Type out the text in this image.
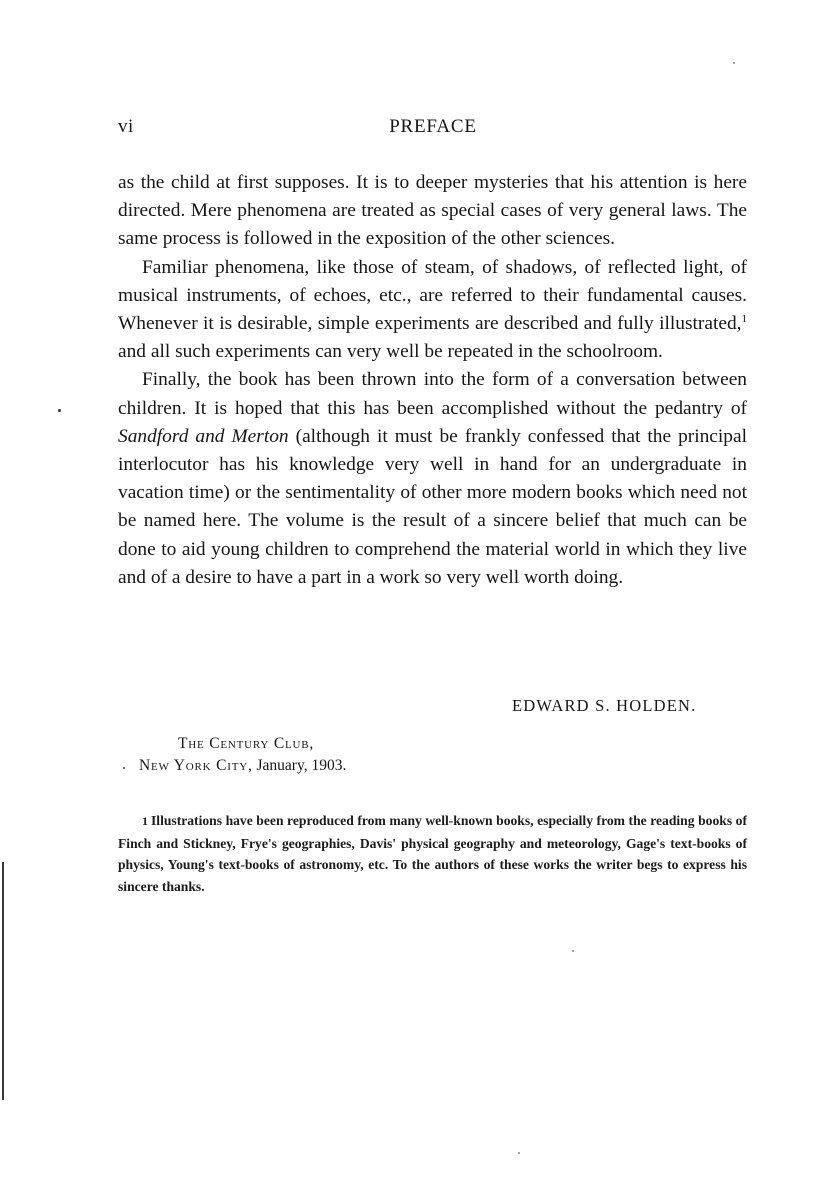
vi	PREFACE

as the child at first supposes. It is to deeper mysteries that his attention is here directed. Mere phenomena are treated as special cases of very general laws. The same process is followed in the exposition of the other sciences.

Familiar phenomena, like those of steam, of shadows, of reflected light, of musical instruments, of echoes, etc., are referred to their fundamental causes. Whenever it is desirable, simple experiments are described and fully illustrated,$^1$ and all such experiments can very well be repeated in the schoolroom.

Finally, the book has been thrown into the form of a conversation between children. It is hoped that this has been accomplished without the pedantry of Sandford and Merton (although it must be frankly confessed that the principal interlocutor has his knowledge very well in hand for an undergraduate in vacation time) or the sentimentality of other more modern books which need not be named here. The volume is the result of a sincere belief that much can be done to aid young children to comprehend the material world in which they live and of a desire to have a part in a work so very well worth doing.

EDWARD S. HOLDEN.
The Century Club,
New York City, January, 1903.
1 Illustrations have been reproduced from many well-known books, especially from the reading books of Finch and Stickney, Frye's geographies, Davis' physical geography and meteorology, Gage's text-books of physics, Young's text-books of astronomy, etc. To the authors of these works the writer begs to express his sincere thanks.
